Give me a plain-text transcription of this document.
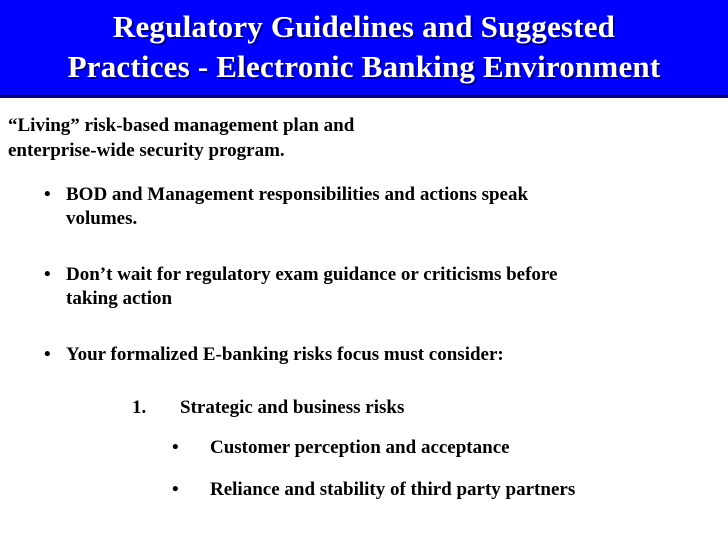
Regulatory Guidelines and Suggested
Practices - Electronic Banking Environment
“Living” risk-based management plan and
enterprise-wide security program.
• BOD and Management responsibilities and actions speak
volumes.
• Don’t wait for regulatory exam guidance or criticisms before
taking action
• Your formalized E-banking risks focus must consider:
1. Strategic and business risks
• Customer perception and acceptance
• Reliance and stability of third party partners
